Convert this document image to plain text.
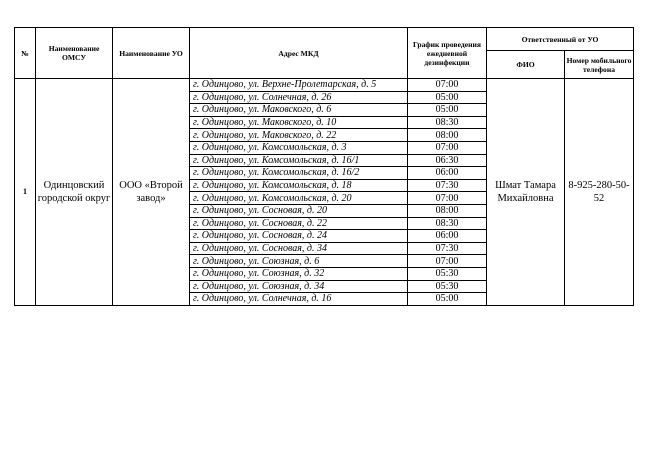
№	Наименование ОМСУ	Наименование УО	Адрес МКД	График проведения ежедневной дезинфекции	Ответственный от УО	
					ФИО	Номер мобильного телефона
1	Одинцовский городской округ	ООО «Второй завод»	г. Одинцово, ул. Верхне-Пролетарская, д. 5	07:00	Шмат Тамара Михайловна	8-925-280-50-52
			г. Одинцово, ул. Солнечная, д. 26	05:00		
			г. Одинцово, ул. Маковского, д. 6	05:00		
			г. Одинцово, ул. Маковского, д. 10	08:30		
			г. Одинцово, ул. Маковского, д. 22	08:00		
			г. Одинцово, ул. Комсомольская, д. 3	07:00		
			г. Одинцово, ул. Комсомольская, д. 16/1	06:30		
			г. Одинцово, ул. Комсомольская, д. 16/2	06:00		
			г. Одинцово, ул. Комсомольская, д. 18	07:30		
			г. Одинцово, ул. Комсомольская, д. 20	07:00		
			г. Одинцово, ул. Сосновая, д. 20	08:00		
			г. Одинцово, ул. Сосновая, д. 22	08:30		
			г. Одинцово, ул. Сосновая, д. 24	06:00		
			г. Одинцово, ул. Сосновая, д. 34	07:30		
			г. Одинцово, ул. Союзная, д. 6	07:00		
			г. Одинцово, ул. Союзная, д. 32	05:30		
			г. Одинцово, ул. Союзная, д. 34	05:30		
			г. Одинцово, ул. Солнечная, д. 16	05:00		
